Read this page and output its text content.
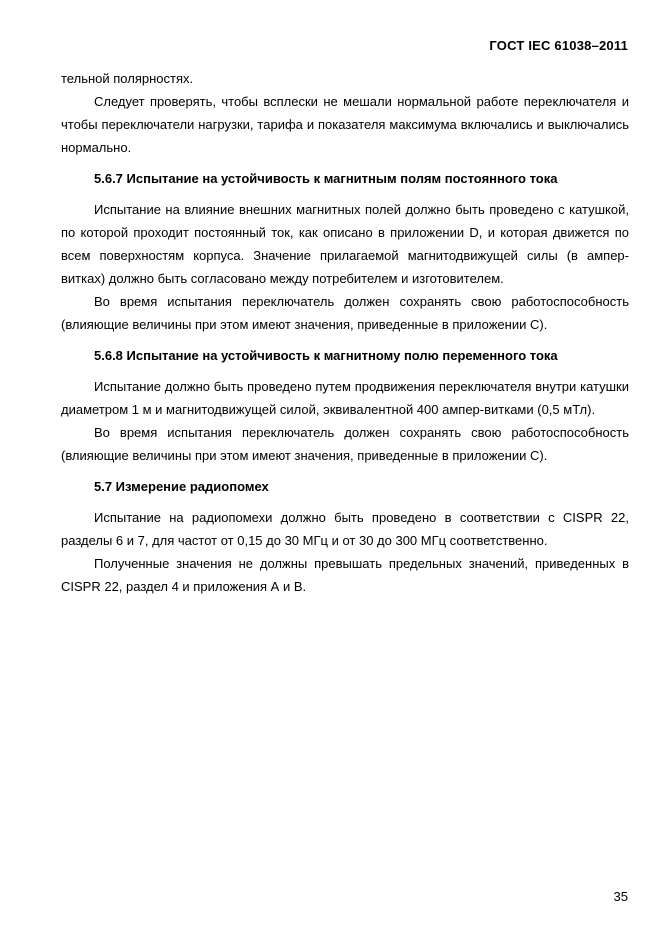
ГОСТ IEC 61038–2011

тельной полярностях.

Следует проверять, чтобы всплески не мешали нормальной работе переключателя и чтобы переключатели нагрузки, тарифа и показателя максимума включались и выключались нормально.

5.6.7 Испытание на устойчивость к магнитным полям постоянного тока

Испытание на влияние внешних магнитных полей должно быть проведено с катушкой, по которой проходит постоянный ток, как описано в приложении D, и которая движется по всем поверхностям корпуса. Значение прилагаемой магнитодвижущей силы (в ампер-витках) должно быть согласовано между потребителем и изготовителем.

Во время испытания переключатель должен сохранять свою работоспособность (влияющие величины при этом имеют значения, приведенные в приложении С).

5.6.8 Испытание на устойчивость к магнитному полю переменного тока

Испытание должно быть проведено путем продвижения переключателя внутри катушки диаметром 1 м и магнитодвижущей силой, эквивалентной 400 ампер-витками (0,5 мТл).

Во время испытания переключатель должен сохранять свою работоспособность (влияющие величины при этом имеют значения, приведенные в приложении С).

5.7 Измерение радиопомех

Испытание на радиопомехи должно быть проведено в соответствии с CISPR 22, разделы 6 и 7, для частот от 0,15 до 30 МГц и от 30 до 300 МГц соответственно.

Полученные значения не должны превышать предельных значений, приведенных в CISPR 22, раздел 4 и приложения А и В.

35
